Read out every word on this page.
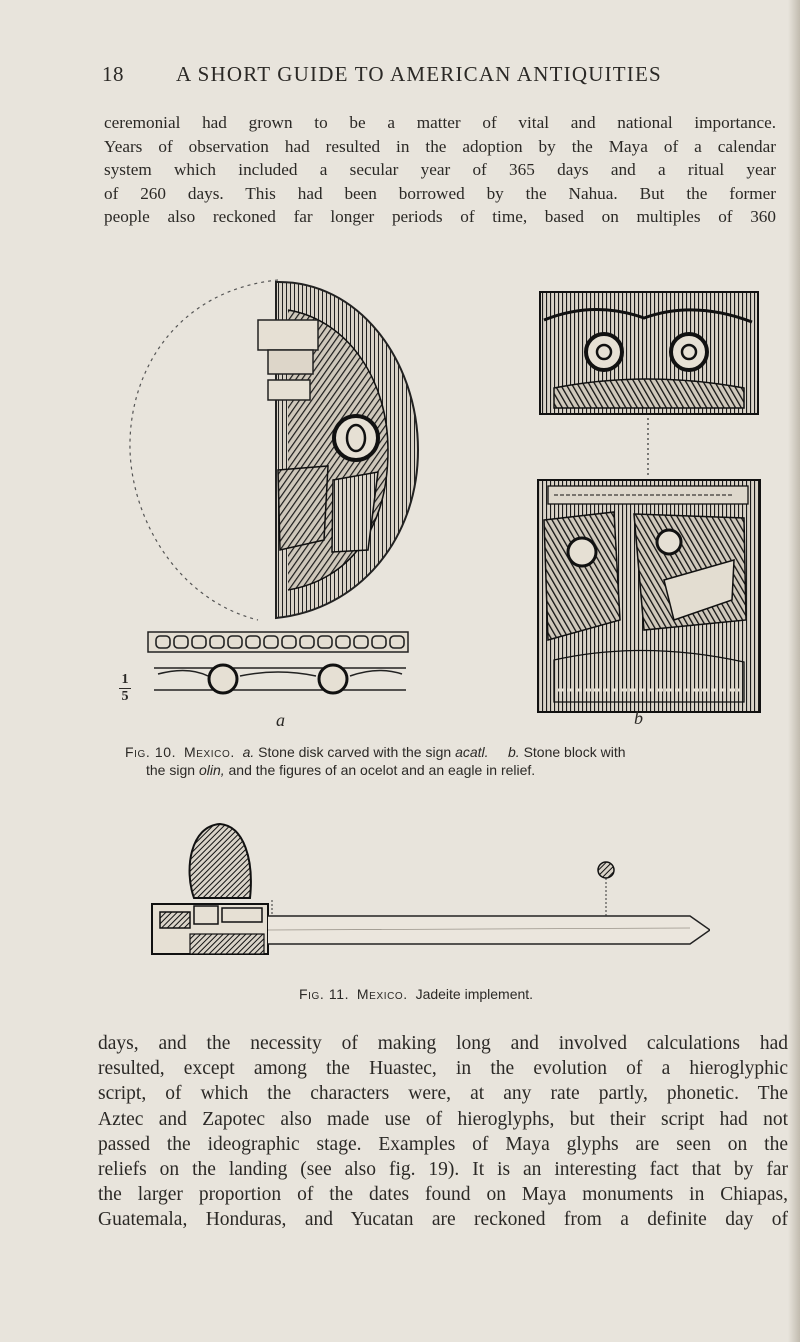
18 A SHORT GUIDE TO AMERICAN ANTIQUITIES
ceremonial had grown to be a matter of vital and national importance.
Years of observation had resulted in the adoption by the Maya of a calendar
system which included a secular year of 365 days and a ritual year
of 260 days. This had been borrowed by the Nahua. But the former
people also reckoned far longer periods of time, based on multiples of 360
1
5
a	b
Fig. 10. Mexico. a. Stone disk carved with the sign acatl. b. Stone block with
the sign olin, and the figures of an ocelot and an eagle in relief.
Fig. 11. Mexico. Jadeite implement.
days, and the necessity of making long and involved calculations had
resulted, except among the Huastec, in the evolution of a hieroglyphic
script, of which the characters were, at any rate partly, phonetic. The
Aztec and Zapotec also made use of hieroglyphs, but their script had not
passed the ideographic stage. Examples of Maya glyphs are seen on the
reliefs on the landing (see also fig. 19). It is an interesting fact that by far
the larger proportion of the dates found on Maya monuments in Chiapas,
Guatemala, Honduras, and Yucatan are reckoned from a definite day of
